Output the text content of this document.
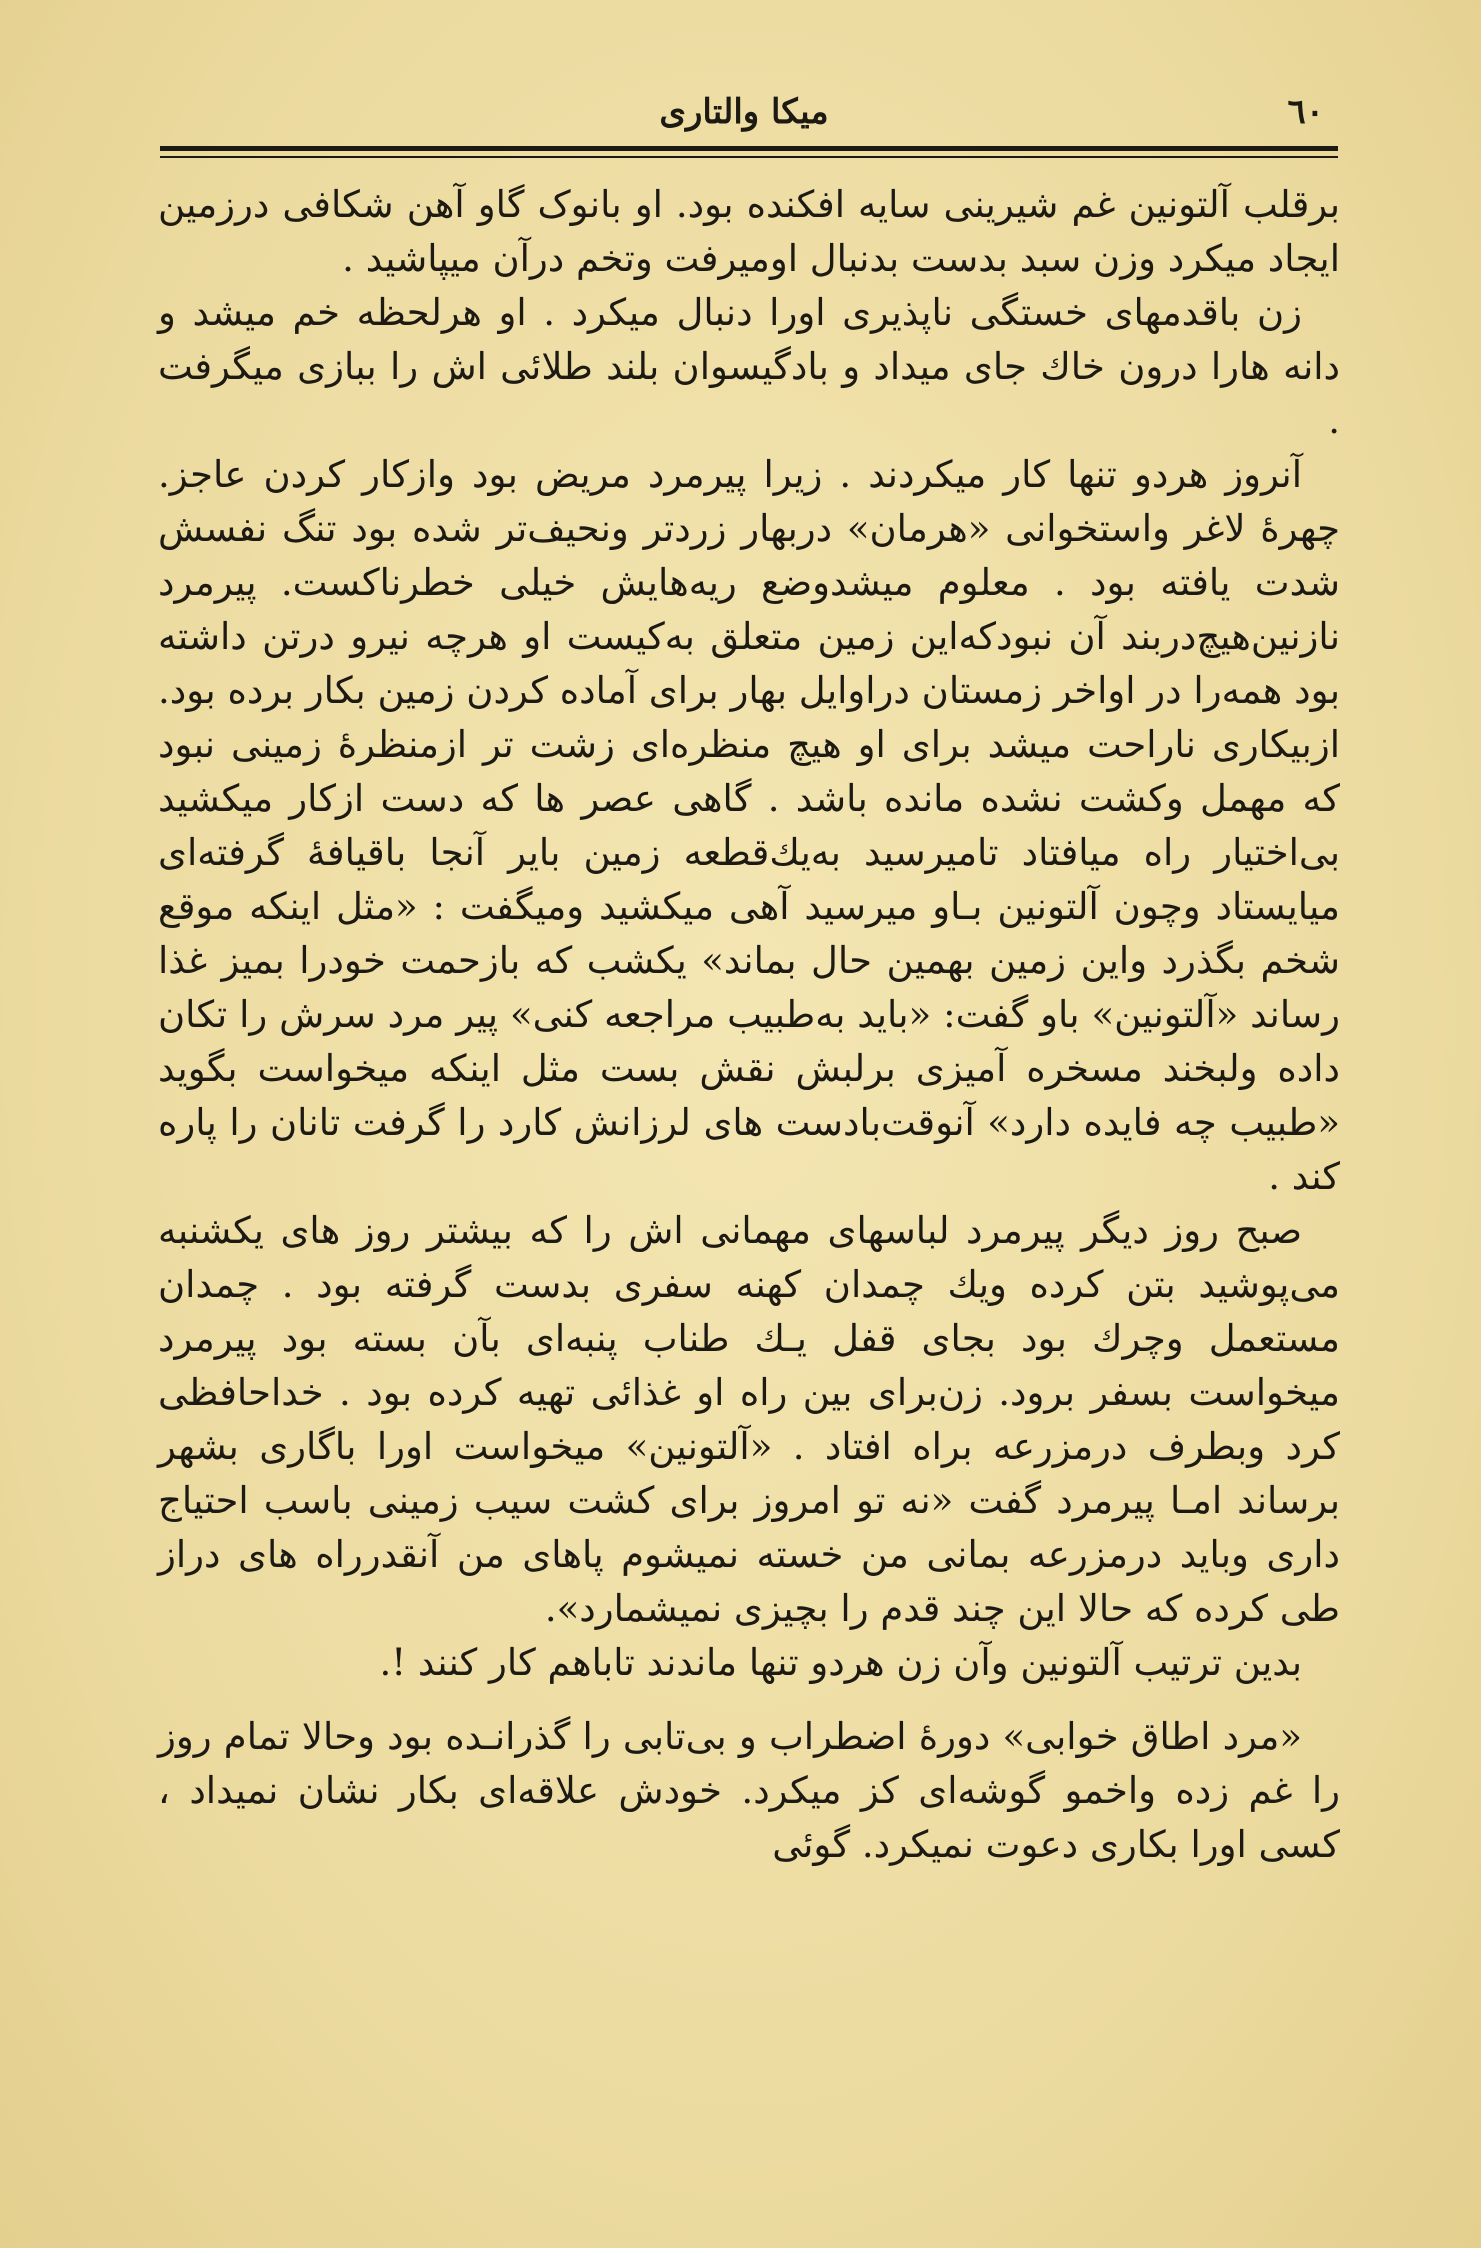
٦٠
میکا والتاری

برقلب آلتونین غم شیرینی سایه افکنده بود. او بانوک گاو آهن شکافی درزمین ایجاد میکرد وزن سبد بدست بدنبال اومیرفت وتخم درآن میپاشید .

زن باقدمهای خستگی ناپذیری اورا دنبال میکرد . او هرلحظه خم میشد و دانه هارا درون خاك جای میداد و بادگیسوان بلند طلائی اش را ببازی میگرفت .

آنروز هردو تنها کار میکردند . زیرا پیرمرد مریض بود وازکار کردن عاجز. چهرهٔ لاغر واستخوانی «هرمان» دربهار زردتر ونحیف‌تر شده بود تنگ نفسش شدت یافته بود . معلوم میشدوضع ریه‌هایش خیلی خطرناکست. پیرمرد نازنین‌هیچ‌دربند آن نبودکه‌این زمین متعلق به‌کیست او هرچه نیرو درتن داشته بود همه‌را در اواخر زمستان دراوایل بهار برای آماده کردن زمین بکار برده بود. ازبیکاری ناراحت میشد برای او هیچ منظره‌ای زشت تر ازمنظرهٔ زمینی نبود که مهمل وکشت نشده مانده باشد . گاهی عصر ها که دست ازکار میکشید بی‌اختیار راه میافتاد تامیرسید به‌یك‌قطعه زمین بایر آنجا باقیافهٔ گرفته‌ای میایستاد وچون آلتونین بـاو میرسید آهی میکشید ومیگفت : «مثل اینکه موقع شخم بگذرد واین زمین بهمین حال بماند» یکشب که بازحمت خودرا بمیز غذا رساند «آلتونین» باو گفت: «باید به‌طبیب مراجعه کنی» پیر مرد سرش را تکان داده ولبخند مسخره آمیزی برلبش نقش بست مثل اینکه میخواست بگوید «طبیب چه فایده دارد» آنوقت‌بادست های لرزانش کارد را گرفت تانان را پاره کند .

صبح روز دیگر پیرمرد لباسهای مهمانی اش را که بیشتر روز های یکشنبه می‌پوشید بتن کرده ویك چمدان کهنه سفری بدست گرفته بود . چمدان مستعمل وچرك بود بجای قفل یـك طناب پنبه‌ای بآن بسته بود پیرمرد میخواست بسفر برود. زن‌برای بین راه او غذائی تهیه کرده بود . خداحافظی کرد وبطرف درمزرعه براه افتاد . «آلتونین» میخواست اورا باگاری بشهر برساند امـا پیرمرد گفت «نه تو امروز برای کشت سیب زمینی باسب احتیاج داری وباید درمزرعه بمانی من خسته نمیشوم پاهای من آنقدرراه های دراز طی کرده که حالا این چند قدم را بچیزی نمیشمارد».

بدین ترتیب آلتونین وآن زن هردو تنها ماندند تاباهم کار کنند !.

«مرد اطاق خوابی» دورهٔ اضطراب و بی‌تابی را گذرانـده بود وحالا تمام روز را غم زده واخمو گوشه‌ای کز میکرد. خودش علاقه‌ای بکار نشان نمیداد ، کسی اورا بکاری دعوت نمیکرد. گوئی
